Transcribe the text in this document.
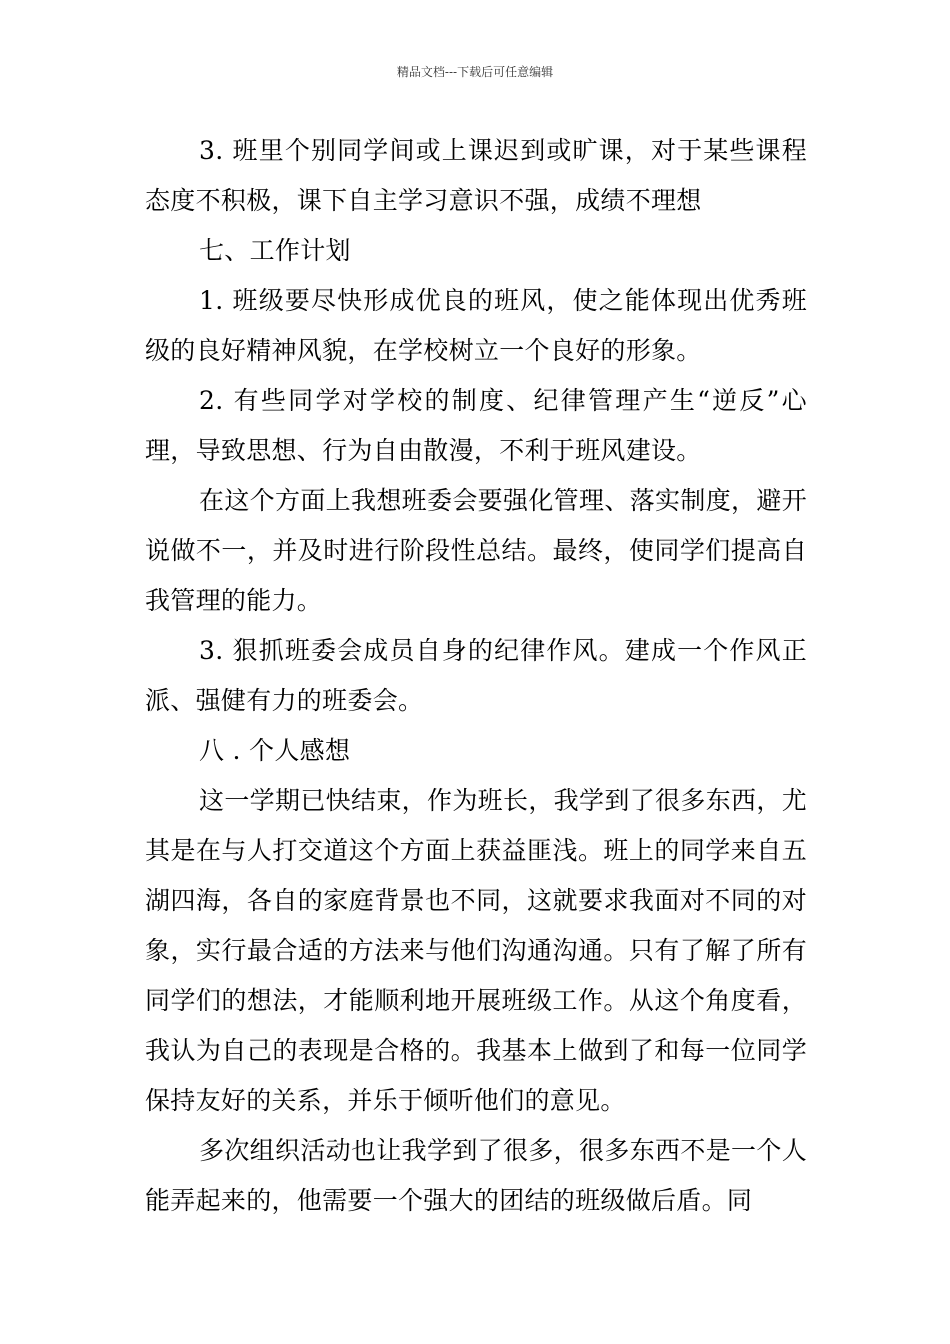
精品文档---下载后可任意编辑

3. 班里个别同学间或上课迟到或旷课，对于某些课程态度不积极，课下自主学习意识不强，成绩不理想

七、工作计划

1. 班级要尽快形成优良的班风，使之能体现出优秀班级的良好精神风貌，在学校树立一个良好的形象。

2. 有些同学对学校的制度、纪律管理产生“逆反”心理，导致思想、行为自由散漫，不利于班风建设。

在这个方面上我想班委会要强化管理、落实制度，避开说做不一，并及时进行阶段性总结。最终，使同学们提高自我管理的能力。

3. 狠抓班委会成员自身的纪律作风。建成一个作风正派、强健有力的班委会。

八 . 个人感想

这一学期已快结束，作为班长，我学到了很多东西，尤其是在与人打交道这个方面上获益匪浅。班上的同学来自五湖四海，各自的家庭背景也不同，这就要求我面对不同的对象，实行最合适的方法来与他们沟通沟通。只有了解了所有同学们的想法，才能顺利地开展班级工作。从这个角度看，我认为自己的表现是合格的。我基本上做到了和每一位同学保持友好的关系，并乐于倾听他们的意见。

多次组织活动也让我学到了很多，很多东西不是一个人能弄起来的，他需要一个强大的团结的班级做后盾。同
